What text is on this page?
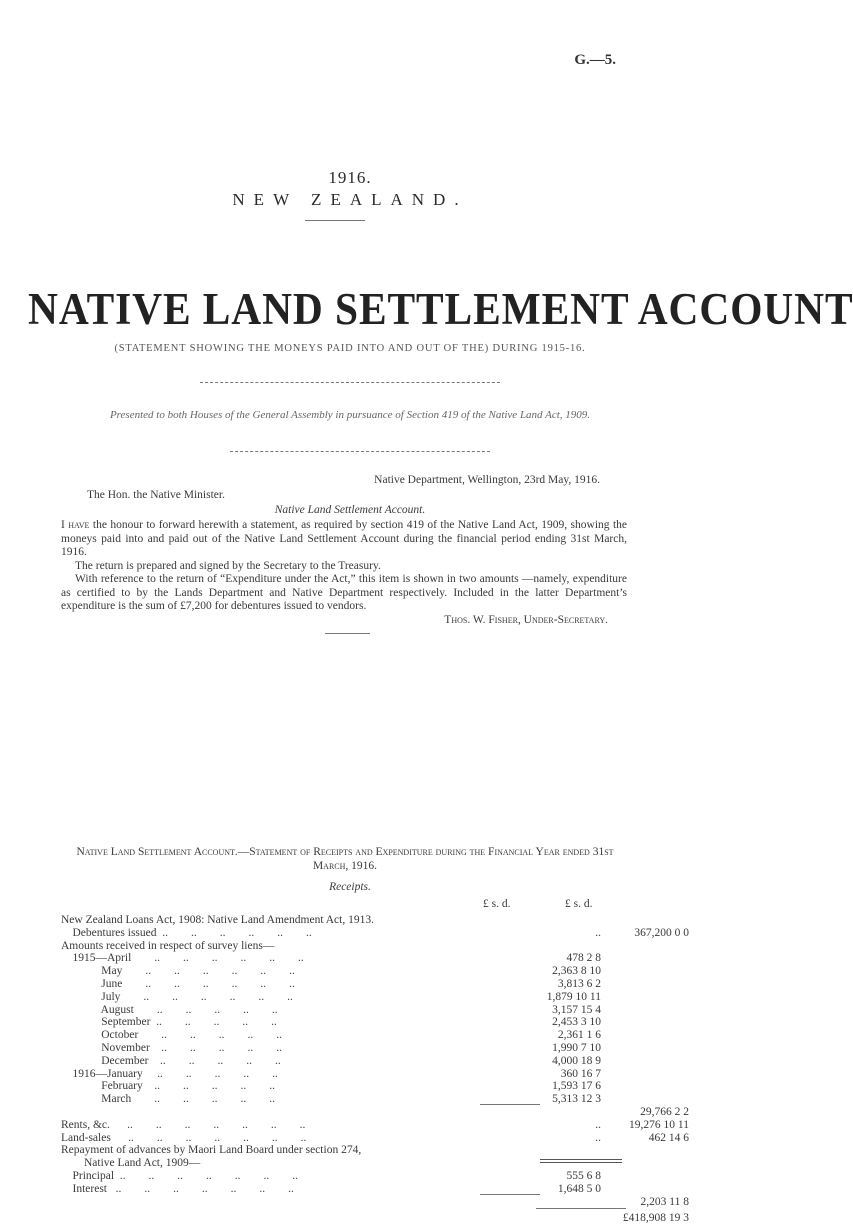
G.—5.
1916.
NEW ZEALAND.
NATIVE LAND SETTLEMENT ACCOUNT
(STATEMENT SHOWING THE MONEYS PAID INTO AND OUT OF THE) DURING 1915-16.
Presented to both Houses of the General Assembly in pursuance of Section 419 of the Native Land Act, 1909.
Native Department, Wellington, 23rd May, 1916.
The Hon. the Native Minister.
Native Land Settlement Account.

I have the honour to forward herewith a statement, as required by section 419 of the Native Land Act, 1909, showing the moneys paid into and paid out of the Native Land Settlement Account during the financial period ending 31st March, 1916.

The return is prepared and signed by the Secretary to the Treasury.

With reference to the return of “Expenditure under the Act,” this item is shown in two amounts —namely, expenditure as certified to by the Lands Department and Native Department respectively. Included in the latter Department’s expenditure is the sum of £7,200 for debentures issued to vendors.

Thos. W. Fisher, Under-Secretary.
Native Land Settlement Account.—Statement of Receipts and Expenditure during the Financial Year ended 31st March, 1916.
Receipts.
£ s. d.	£ s. d.
New Zealand Loans Act, 1908: Native Land Amendment Act, 1913.
Debentures issued  ..        ..        ..        ..        ..        ..	..	367,200 0 0
Amounts received in respect of survey liens—
1915—April        ..        ..        ..        ..        ..        ..	478 2 8
May        ..        ..        ..        ..        ..        ..	2,363 8 10
June        ..        ..        ..        ..        ..        ..	3,813 6 2
July        ..        ..        ..        ..        ..        ..	1,879 10 11
August        ..        ..        ..        ..        ..	3,157 15 4
September  ..        ..        ..        ..        ..	2,453 3 10
October        ..        ..        ..        ..        ..	2,361 1 6
November    ..        ..        ..        ..        ..	1,990 7 10
December    ..        ..        ..        ..        ..	4,000 18 9
1916—January     ..        ..        ..        ..        ..	360 16 7
February    ..        ..        ..        ..        ..	1,593 17 6
March        ..        ..        ..        ..        ..	5,313 12 3
29,766 2 2
Rents, &c.      ..        ..        ..        ..        ..        ..        ..	..	19,276 10 11
Land-sales      ..        ..        ..        ..        ..        ..        ..	..	462 14 6
Repayment of advances by Maori Land Board under section 274,
Native Land Act, 1909—
Principal  ..        ..        ..        ..        ..        ..        ..	555 6 8
Interest   ..        ..        ..        ..        ..        ..        ..	1,648 5 0
2,203 11 8
£418,908 19 3
